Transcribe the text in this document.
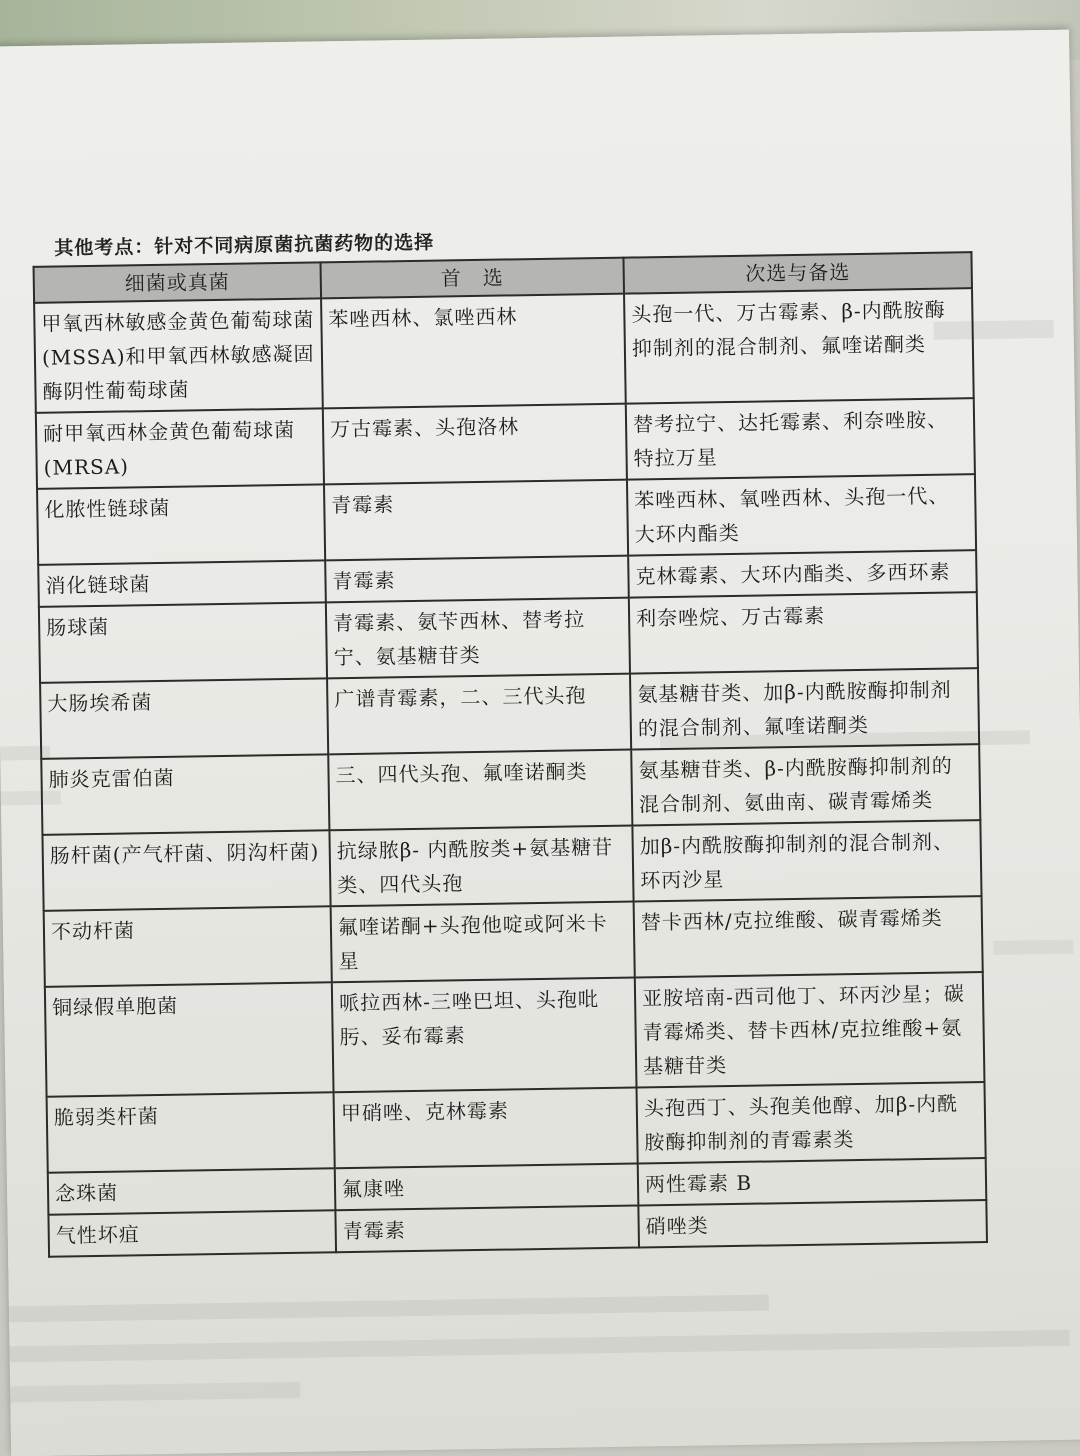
其他考点：针对不同病原菌抗菌药物的选择
细菌或真菌	首　选	次选与备选
甲氧西林敏感金黄色葡萄球菌(MSSA)和甲氧西林敏感凝固酶阴性葡萄球菌	苯唑西林、氯唑西林	头孢一代、万古霉素、β-内酰胺酶抑制剂的混合制剂、氟喹诺酮类
耐甲氧西林金黄色葡萄球菌(MRSA)	万古霉素、头孢洛林	替考拉宁、达托霉素、利奈唑胺、特拉万星
化脓性链球菌	青霉素	苯唑西林、氧唑西林、头孢一代、大环内酯类
消化链球菌	青霉素	克林霉素、大环内酯类、多西环素
肠球菌	青霉素、氨苄西林、替考拉宁、氨基糖苷类	利奈唑烷、万古霉素
大肠埃希菌	广谱青霉素，二、三代头孢	氨基糖苷类、加β-内酰胺酶抑制剂的混合制剂、氟喹诺酮类
肺炎克雷伯菌	三、四代头孢、氟喹诺酮类	氨基糖苷类、β-内酰胺酶抑制剂的混合制剂、氨曲南、碳青霉烯类
肠杆菌(产气杆菌、阴沟杆菌)	抗绿脓β- 内酰胺类+氨基糖苷类、四代头孢	加β-内酰胺酶抑制剂的混合制剂、环丙沙星
不动杆菌	氟喹诺酮+头孢他啶或阿米卡星	替卡西林/克拉维酸、碳青霉烯类
铜绿假单胞菌	哌拉西林-三唑巴坦、头孢吡肟、妥布霉素	亚胺培南-西司他丁、环丙沙星；碳青霉烯类、替卡西林/克拉维酸+氨基糖苷类
脆弱类杆菌	甲硝唑、克林霉素	头孢西丁、头孢美他醇、加β-内酰胺酶抑制剂的青霉素类
念珠菌	氟康唑	两性霉素 B
气性坏疽	青霉素	硝唑类
